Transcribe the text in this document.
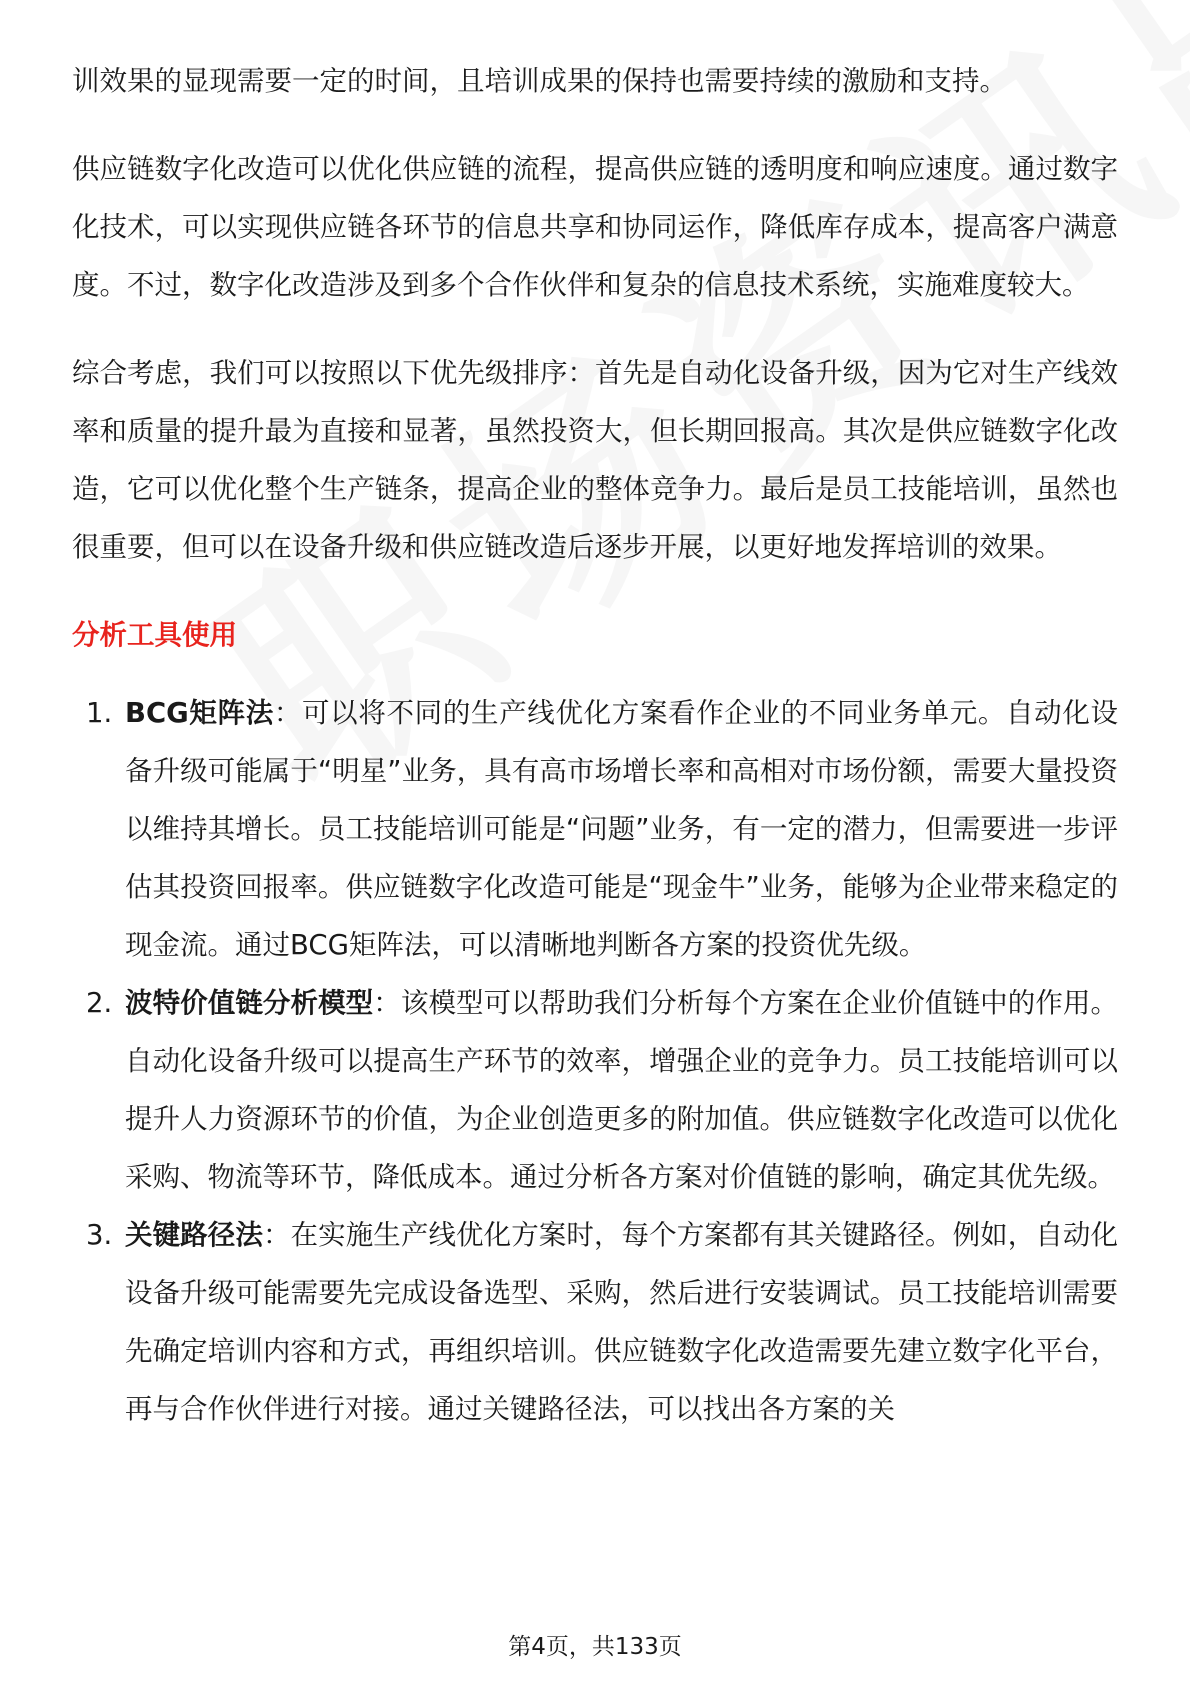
训效果的显现需要一定的时间，且培训成果的保持也需要持续的激励和支持。

供应链数字化改造可以优化供应链的流程，提高供应链的透明度和响应速度。通过数字化技术，可以实现供应链各环节的信息共享和协同运作，降低库存成本，提高客户满意度。不过，数字化改造涉及到多个合作伙伴和复杂的信息技术系统，实施难度较大。

综合考虑，我们可以按照以下优先级排序：首先是自动化设备升级，因为它对生产线效率和质量的提升最为直接和显著，虽然投资大，但长期回报高。其次是供应链数字化改造，它可以优化整个生产链条，提高企业的整体竞争力。最后是员工技能培训，虽然也很重要，但可以在设备升级和供应链改造后逐步开展，以更好地发挥培训的效果。

分析工具使用
1. BCG矩阵法：可以将不同的生产线优化方案看作企业的不同业务单元。自动化设备升级可能属于“明星”业务，具有高市场增长率和高相对市场份额，需要大量投资以维持其增长。员工技能培训可能是“问题”业务，有一定的潜力，但需要进一步评估其投资回报率。供应链数字化改造可能是“现金牛”业务，能够为企业带来稳定的现金流。通过BCG矩阵法，可以清晰地判断各方案的投资优先级。
2. 波特价值链分析模型：该模型可以帮助我们分析每个方案在企业价值链中的作用。自动化设备升级可以提高生产环节的效率，增强企业的竞争力。员工技能培训可以提升人力资源环节的价值，为企业创造更多的附加值。供应链数字化改造可以优化采购、物流等环节，降低成本。通过分析各方案对价值链的影响，确定其优先级。
3. 关键路径法：在实施生产线优化方案时，每个方案都有其关键路径。例如，自动化设备升级可能需要先完成设备选型、采购，然后进行安装调试。员工技能培训需要先确定培训内容和方式，再组织培训。供应链数字化改造需要先建立数字化平台，再与合作伙伴进行对接。通过关键路径法，可以找出各方案的关
第4页，共133页
